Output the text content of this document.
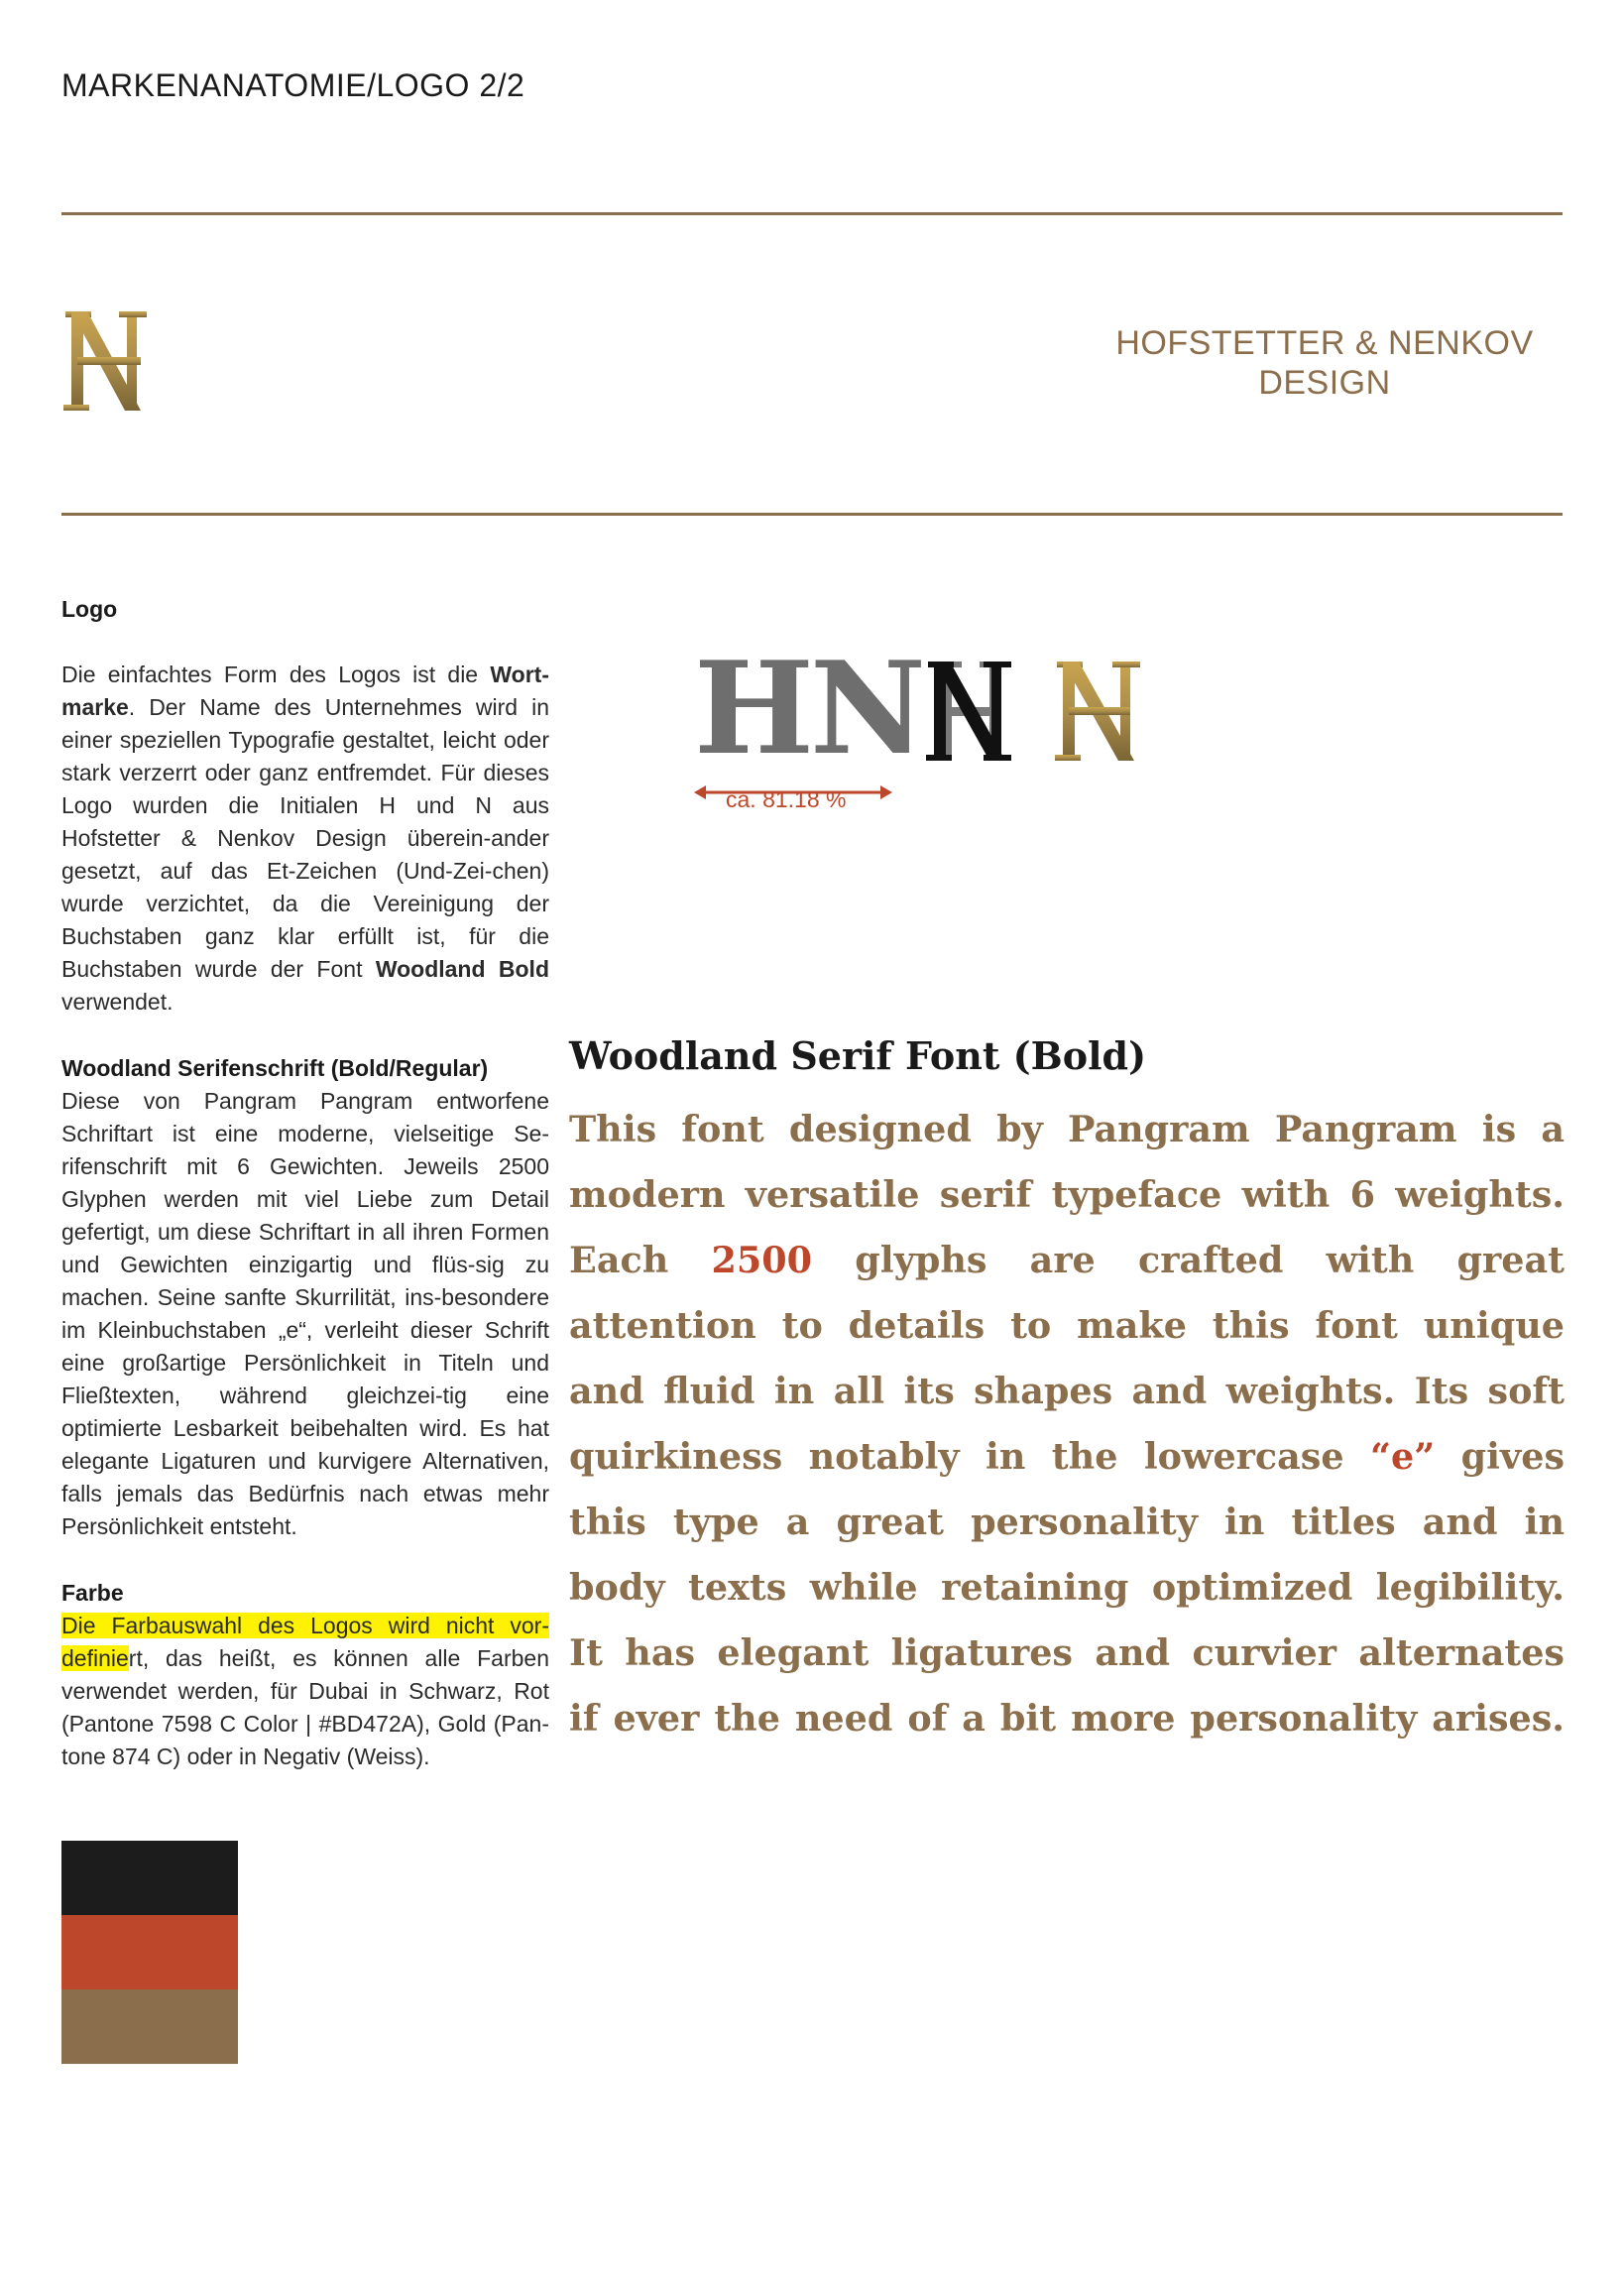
MARKENANATOMIE/LOGO 2/2
HOFSTETTER & NENKOV
DESIGN
HN
ca. 81.18 %
Logo

Die einfachtes Form des Logos ist die Wort-marke. Der Name des Unternehmes wird in einer speziellen Typografie gestaltet, leicht oder stark verzerrt oder ganz entfremdet. Für dieses Logo wurden die Initialen H und N aus Hofstetter & Nenkov Design überein-ander gesetzt, auf das Et-Zeichen (Und-Zei-chen) wurde verzichtet, da die Vereinigung der Buchstaben ganz klar erfüllt ist, für die Buchstaben wurde der Font Woodland Bold verwendet.

Woodland Serifenschrift (Bold/Regular)

Diese von Pangram Pangram entworfene Schriftart ist eine moderne, vielseitige Se-rifenschrift mit 6 Gewichten. Jeweils 2500 Glyphen werden mit viel Liebe zum Detail gefertigt, um diese Schriftart in all ihren Formen und Gewichten einzigartig und flüs-sig zu machen. Seine sanfte Skurrilität, ins-besondere im Kleinbuchstaben „e“, verleiht dieser Schrift eine großartige Persönlichkeit in Titeln und Fließtexten, während gleichzei-tig eine optimierte Lesbarkeit beibehalten wird. Es hat elegante Ligaturen und kurvigere Alternativen, falls jemals das Bedürfnis nach etwas mehr Persönlichkeit entsteht.

Farbe

Die Farbauswahl des Logos wird nicht vor-definiert, das heißt, es können alle Farben verwendet werden, für Dubai in Schwarz, Rot (Pantone 7598 C Color | #BD472A), Gold (Pan-tone 874 C) oder in Negativ (Weiss).

Woodland Serif Font (Bold)
This font designed by Pangram Pangram is a
modern versatile serif typeface with 6 weights.
Each 2500 glyphs are crafted with great
attention to details to make this font unique
and fluid in all its shapes and weights. Its soft
quirkiness notably in the lowercase “e” gives
this type a great personality in titles and in
body texts while retaining optimized legibility.
It has elegant ligatures and curvier alternates
if ever the need of a bit more personality arises.
